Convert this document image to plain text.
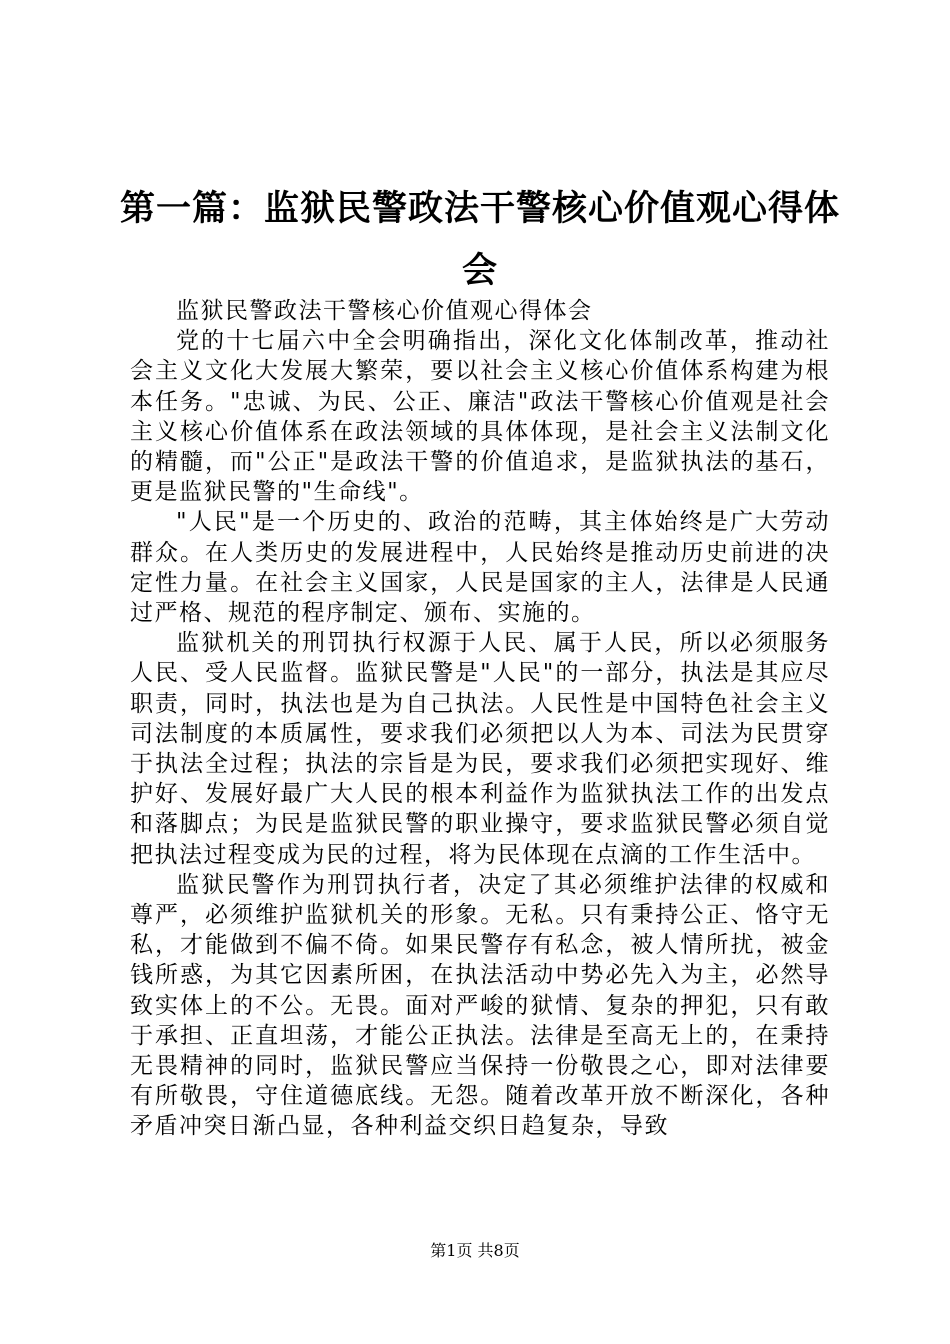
第一篇：监狱民警政法干警核心价值观心得体会

监狱民警政法干警核心价值观心得体会

党的十七届六中全会明确指出，深化文化体制改革，推动社会主义文化大发展大繁荣，要以社会主义核心价值体系构建为根本任务。"忠诚、为民、公正、廉洁"政法干警核心价值观是社会主义核心价值体系在政法领域的具体体现，是社会主义法制文化的精髓，而"公正"是政法干警的价值追求，是监狱执法的基石，更是监狱民警的"生命线"。

"人民"是一个历史的、政治的范畴，其主体始终是广大劳动群众。在人类历史的发展进程中，人民始终是推动历史前进的决定性力量。在社会主义国家，人民是国家的主人，法律是人民通过严格、规范的程序制定、颁布、实施的。

监狱机关的刑罚执行权源于人民、属于人民，所以必须服务人民、受人民监督。监狱民警是"人民"的一部分，执法是其应尽职责，同时，执法也是为自己执法。人民性是中国特色社会主义司法制度的本质属性，要求我们必须把以人为本、司法为民贯穿于执法全过程；执法的宗旨是为民，要求我们必须把实现好、维护好、发展好最广大人民的根本利益作为监狱执法工作的出发点和落脚点；为民是监狱民警的职业操守，要求监狱民警必须自觉把执法过程变成为民的过程，将为民体现在点滴的工作生活中。

监狱民警作为刑罚执行者，决定了其必须维护法律的权威和尊严，必须维护监狱机关的形象。无私。只有秉持公正、恪守无私，才能做到不偏不倚。如果民警存有私念，被人情所扰，被金钱所惑，为其它因素所困，在执法活动中势必先入为主，必然导致实体上的不公。无畏。面对严峻的狱情、复杂的押犯，只有敢于承担、正直坦荡，才能公正执法。法律是至高无上的，在秉持无畏精神的同时，监狱民警应当保持一份敬畏之心，即对法律要有所敬畏，守住道德底线。无怨。随着改革开放不断深化，各种矛盾冲突日渐凸显，各种利益交织日趋复杂，导致

第1页 共8页
